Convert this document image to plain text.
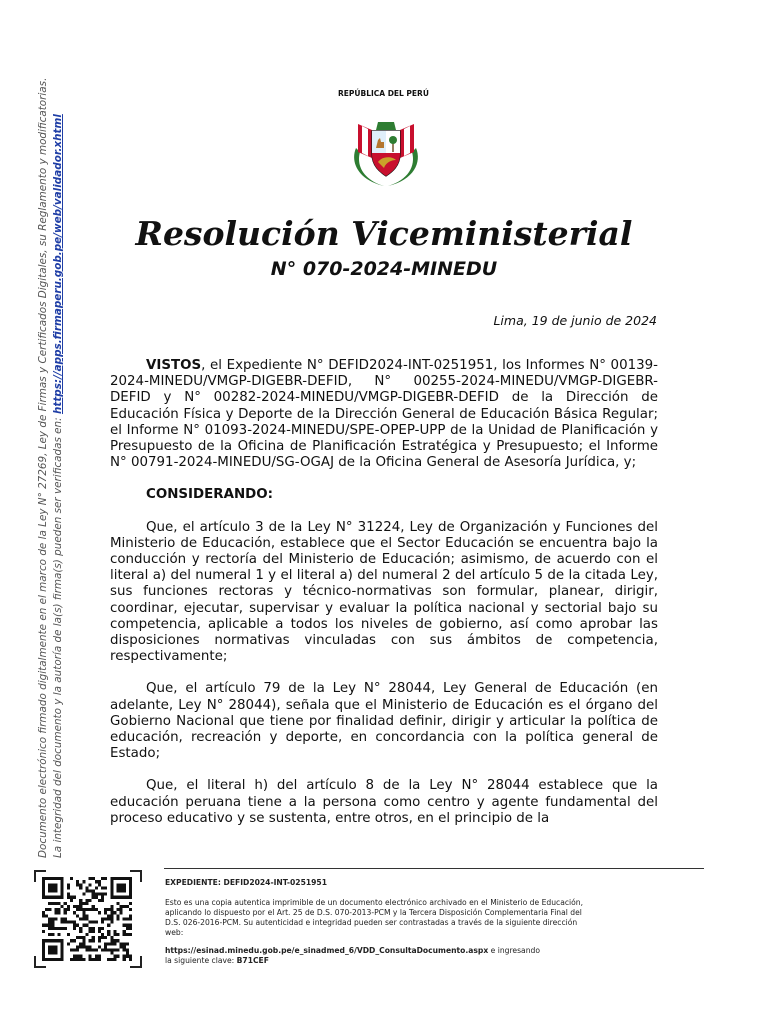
Documento electrónico firmado digitalmente en el marco de la Ley N° 27269, Ley de Firmas y Certificados Digitales, su Reglamento y modificatorias. La integridad del documento y la autoría de la(s) firma(s) pueden ser verificadas en: https://apps.firmaperu.gob.pe/web/validador.xhtml
REPÚBLICA DEL PERÚ
Resolución Viceministerial
N° 070-2024-MINEDU
Lima, 19 de junio de 2024

VISTOS, el Expediente N° DEFID2024-INT-0251951, los Informes N° 00139- 2024-MINEDU/VMGP-DIGEBR-DEFID, N° 00255-2024-MINEDU/VMGP-DIGEBR- DEFID y N° 00282-2024-MINEDU/VMGP-DIGEBR-DEFID de la Dirección de Educación Física y Deporte de la Dirección General de Educación Básica Regular; el Informe N° 01093-2024-MINEDU/SPE-OPEP-UPP de la Unidad de Planificación y Presupuesto de la Oficina de Planificación Estratégica y Presupuesto; el Informe N° 00791-2024-MINEDU/SG-OGAJ de la Oficina General de Asesoría Jurídica, y;

CONSIDERANDO:

Que, el artículo 3 de la Ley N° 31224, Ley de Organización y Funciones del Ministerio de Educación, establece que el Sector Educación se encuentra bajo la conducción y rectoría del Ministerio de Educación; asimismo, de acuerdo con el literal a) del numeral 1 y el literal a) del numeral 2 del artículo 5 de la citada Ley, sus funciones rectoras y técnico-normativas son formular, planear, dirigir, coordinar, ejecutar, supervisar y evaluar la política nacional y sectorial bajo su competencia, aplicable a todos los niveles de gobierno, así como aprobar las disposiciones normativas vinculadas con sus ámbitos de competencia, respectivamente;

Que, el artículo 79 de la Ley N° 28044, Ley General de Educación (en adelante, Ley N° 28044), señala que el Ministerio de Educación es el órgano del Gobierno Nacional que tiene por finalidad definir, dirigir y articular la política de educación, recreación y deporte, en concordancia con la política general de Estado;

Que, el literal h) del artículo 8 de la Ley N° 28044 establece que la educación peruana tiene a la persona como centro y agente fundamental del proceso educativo y se sustenta, entre otros, en el principio de la

EXPEDIENTE: DEFID2024-INT-0251951
Esto es una copia autentica imprimible de un documento electrónico archivado en el Ministerio de Educación, aplicando lo dispuesto por el Art. 25 de D.S. 070-2013-PCM y la Tercera Disposición Complementaria Final del D.S. 026-2016-PCM. Su autenticidad e integridad pueden ser contrastadas a través de la siguiente dirección web:
https://esinad.minedu.gob.pe/e_sinadmed_6/VDD_ConsultaDocumento.aspx e ingresando
la siguiente clave: B71CEF
